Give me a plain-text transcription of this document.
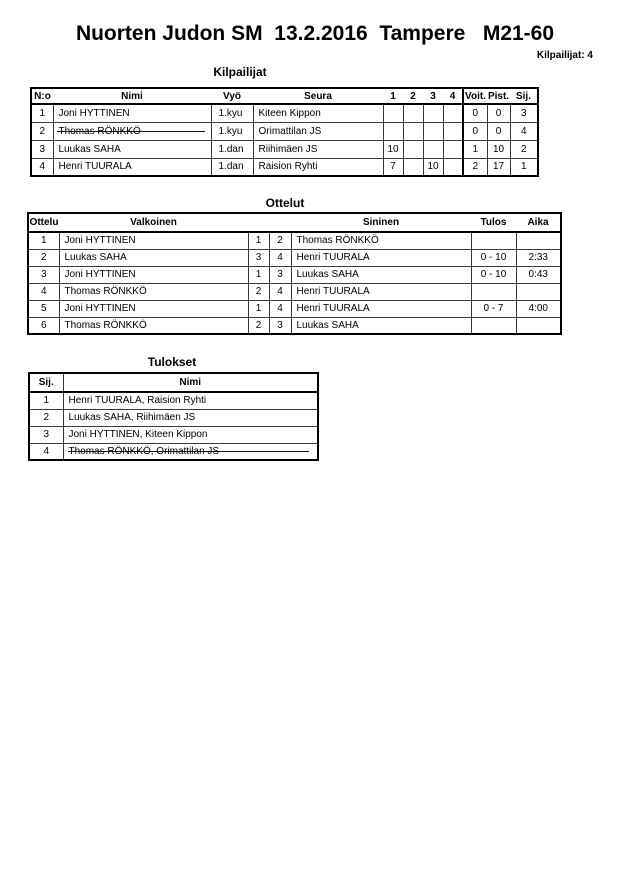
Nuorten Judon SM  13.2.2016  Tampere   M21-60
Kilpailijat: 4
Kilpailijat
N:o	Nimi	Vyö	Seura	1	2	3	4	Voit.	Pist.	Sij.
1	Joni HYTTINEN	1.kyu	Kiteen Kippon					0	0	3
2	Thomas RÖNKKÖ	1.kyu	Orimattilan JS					0	0	4
3	Luukas SAHA	1.dan	Riihimäen JS	10				1	10	2
4	Henri TUURALA	1.dan	Raision Ryhti	7		10		2	17	1
Ottelut
Ottelu	Valkoinen			Sininen	Tulos	Aika
1	Joni HYTTINEN	1	2	Thomas RÖNKKÖ		
2	Luukas SAHA	3	4	Henri TUURALA	0 - 10	2:33
3	Joni HYTTINEN	1	3	Luukas SAHA	0 - 10	0:43
4	Thomas RÖNKKÖ	2	4	Henri TUURALA		
5	Joni HYTTINEN	1	4	Henri TUURALA	0 - 7	4:00
6	Thomas RÖNKKÖ	2	3	Luukas SAHA		
Tulokset
Sij.	Nimi
1	Henri TUURALA, Raision Ryhti
2	Luukas SAHA, Riihimäen JS
3	Joni HYTTINEN, Kiteen Kippon
4	Thomas RÖNKKÖ, Orimattilan JS
